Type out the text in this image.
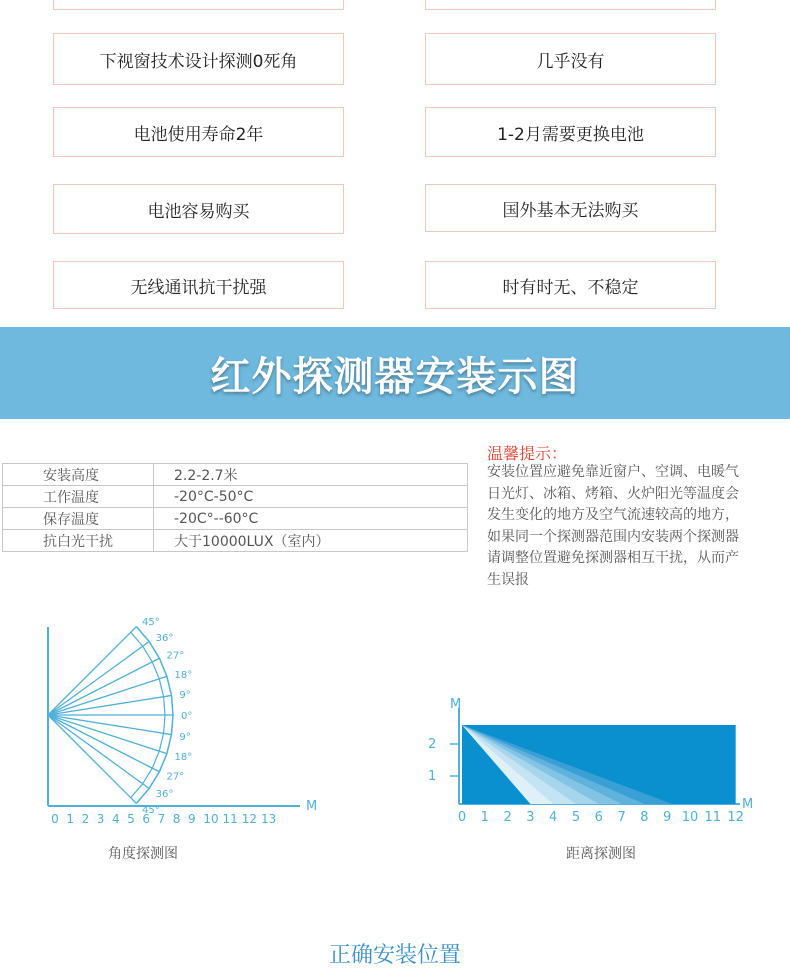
下视窗技术设计探测0死角	几乎没有
电池使用寿命2年	1-2月需要更换电池
电池容易购买	国外基本无法购买
无线通讯抗干扰强	时有时无、不稳定
红外探测器安装示图
安装高度	2.2-2.7米
工作温度	-20°C-50°C
保存温度	-20C°--60°C
抗白光干扰	大于10000LUX（室内）
温馨提示：
安装位置应避免靠近窗户、空调、电暖气
日光灯、冰箱、烤箱、火炉阳光等温度会
发生变化的地方及空气流速较高的地方，
如果同一个探测器范围内安装两个探测器
请调整位置避免探测器相互干扰，从而产
生误报
M
0 1 2 3 4 5 6 7 8 9 10 11 12 13
45°
36°
27°
18°
9°
0°
9°
18°
27°
36°
45°
角度探测图
M
M
2
1
0 1 2 3 4 5 6 7 8 9 10 11 12
距离探测图
正确安装位置
